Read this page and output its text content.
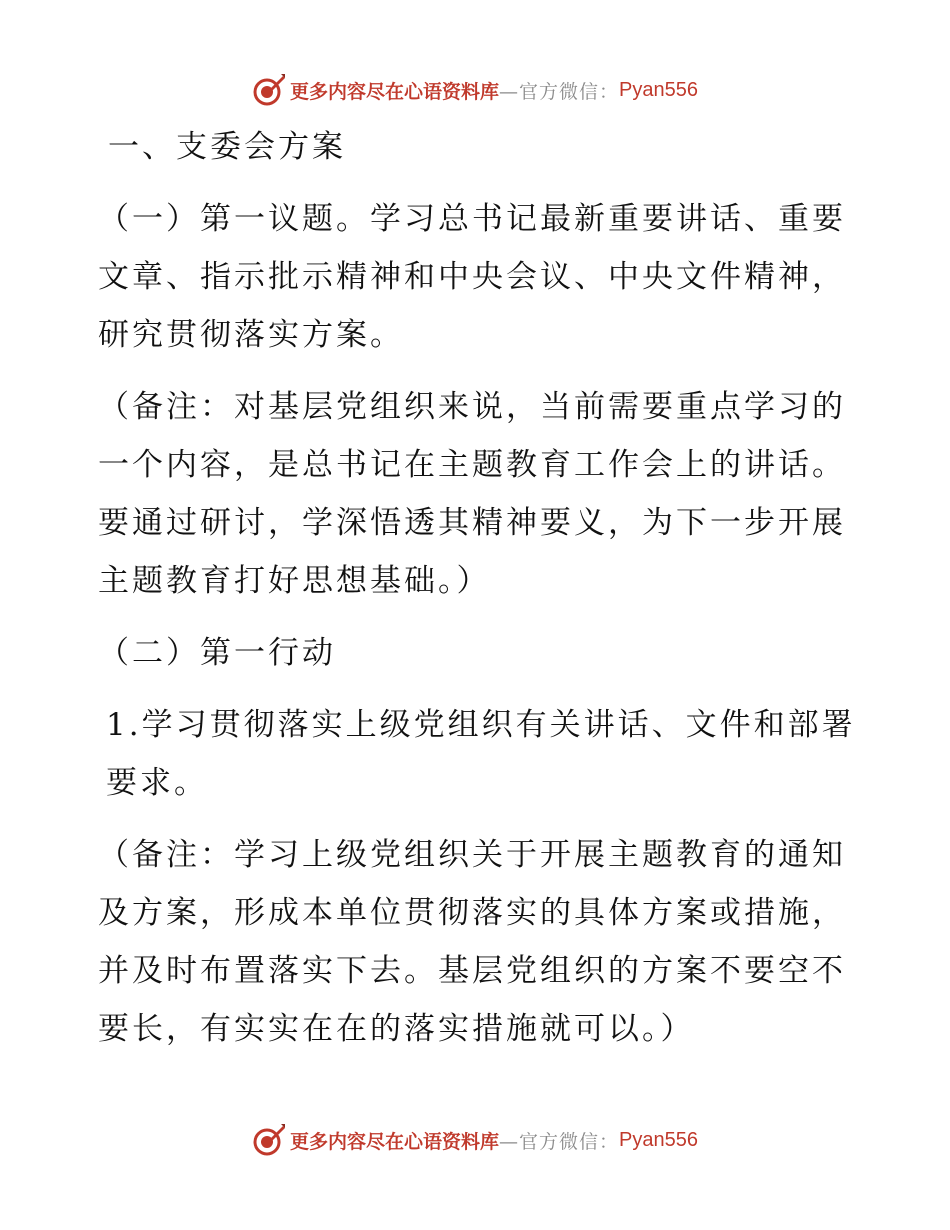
更多内容尽在心语资料库 —官方微信： Pyan556

一、支委会方案

（一）第一议题。学习总书记最新重要讲话、重要文章、指示批示精神和中央会议、中央文件精神，研究贯彻落实方案。

（备注：对基层党组织来说，当前需要重点学习的一个内容，是总书记在主题教育工作会上的讲话。要通过研讨，学深悟透其精神要义，为下一步开展主题教育打好思想基础。）

（二）第一行动

1.学习贯彻落实上级党组织有关讲话、文件和部署要求。

（备注：学习上级党组织关于开展主题教育的通知及方案，形成本单位贯彻落实的具体方案或措施，并及时布置落实下去。基层党组织的方案不要空不要长，有实实在在的落实措施就可以。）

更多内容尽在心语资料库 —官方微信： Pyan556
